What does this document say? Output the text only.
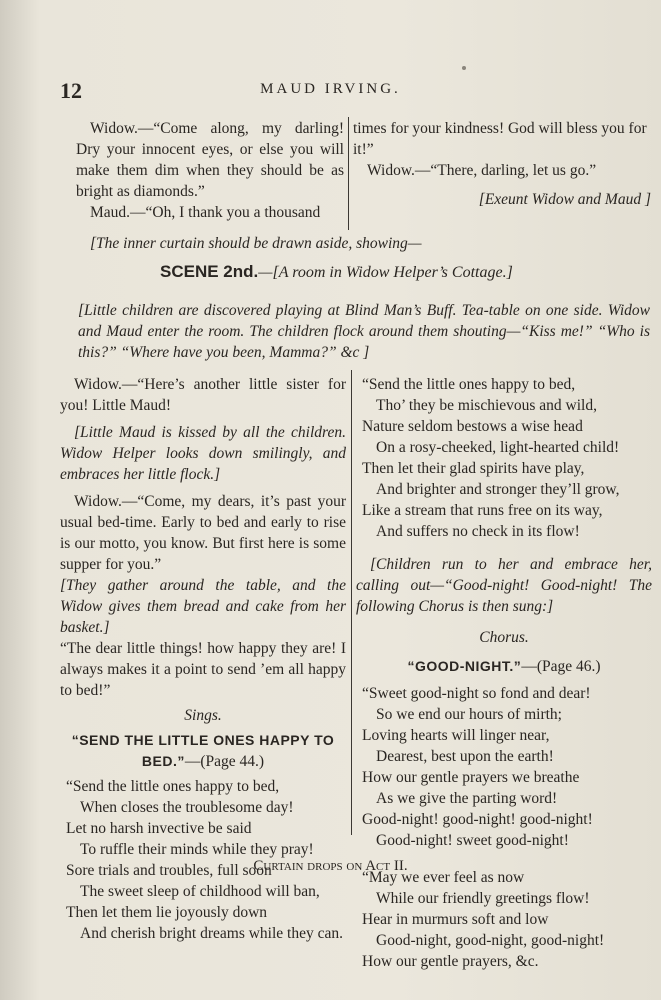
12	MAUD IRVING.

Widow.—“Come along, my darling! Dry your innocent eyes, or else you will make them dim when they should be as bright as diamonds.”

Maud.—“Oh, I thank you a thousand

times for your kindness! God will bless you for it!”

Widow.—“There, darling, let us go.”

[Exeunt Widow and Maud ]

[The inner curtain should be drawn aside, showing—
SCENE 2nd.—[A room in Widow Helper’s Cottage.]
[Little children are discovered playing at Blind Man’s Buff. Tea-table on one side. Widow and Maud enter the room. The children flock around them shouting—“Kiss me!” “Who is this?” “Where have you been, Mamma?” &c ]

Widow.—“Here’s another little sister for you! Little Maud!

[Little Maud is kissed by all the children. Widow Helper looks down smilingly, and embraces her little flock.]

Widow.—“Come, my dears, it’s past your usual bed-time. Early to bed and early to rise is our motto, you know. But first here is some supper for you.”

[They gather around the table, and the Widow gives them bread and cake from her basket.]

“The dear little things! how happy they are! I always makes it a point to send ’em all happy to bed!”

Sings.

“SEND THE LITTLE ONES HAPPY TO BED.”—(Page 44.)

“Send the little ones happy to bed,

When closes the troublesome day!

Let no harsh invective be said

To ruffle their minds while they pray!

Sore trials and troubles, full soon

The sweet sleep of childhood will ban,

Then let them lie joyously down

And cherish bright dreams while they can.

“Send the little ones happy to bed,

Tho’ they be mischievous and wild,

Nature seldom bestows a wise head

On a rosy-cheeked, light-hearted child!

Then let their glad spirits have play,

And brighter and stronger they’ll grow,

Like a stream that runs free on its way,

And suffers no check in its flow!

[Children run to her and embrace her, calling out—“Good-night! Good-night! The following Chorus is then sung:]

Chorus.

“GOOD-NIGHT.”—(Page 46.)

“Sweet good-night so fond and dear!

So we end our hours of mirth;

Loving hearts will linger near,

Dearest, best upon the earth!

How our gentle prayers we breathe

As we give the parting word!

Good-night! good-night! good-night!

Good-night! sweet good-night!

“May we ever feel as now

While our friendly greetings flow!

Hear in murmurs soft and low

Good-night, good-night, good-night!

How our gentle prayers, &c.

Curtain drops on Act II.
